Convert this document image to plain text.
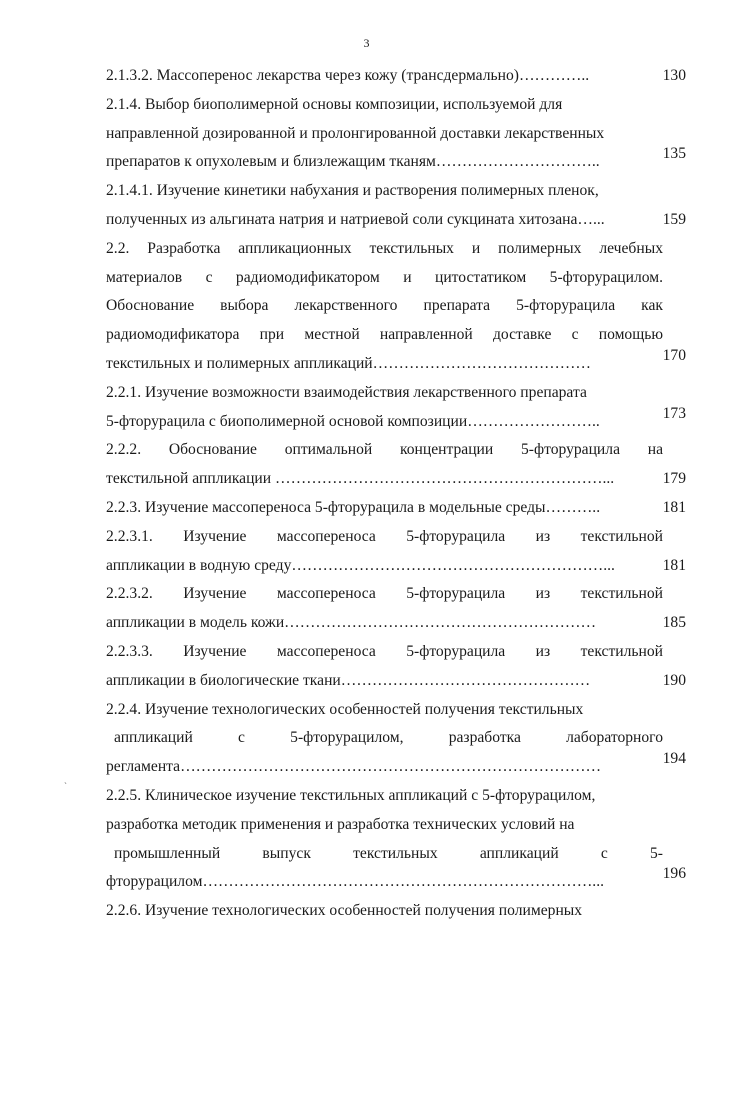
3
`
2.1.3.2. Массоперенос лекарства через кожу (трансдермально)…………..	130
2.1.4. Выбор биополимерной основы композиции, используемой для
направленной дозированной и пролонгированной доставки лекарственных
препаратов к опухолевым и близлежащим тканям…………………………..	135
2.1.4.1. Изучение кинетики набухания и растворения полимерных пленок,
полученных из альгината натрия и натриевой соли сукцината хитозана…...	159
2.2. Разработка аппликационных текстильных и полимерных лечебных
материалов с радиомодификатором и цитостатиком 5-фторурацилом.
Обоснование выбора лекарственного препарата 5-фторурацила как
радиомодификатора при местной направленной доставке с помощью
текстильных и полимерных аппликаций……………………………………	170
2.2.1. Изучение возможности взаимодействия лекарственного препарата
5-фторурацила с биополимерной основой композиции……………………..	173
2.2.2. Обоснование оптимальной концентрации 5-фторурацила на
текстильной аппликации ………………………………………………………...	179
2.2.3. Изучение массопереноса 5-фторурацила в модельные среды………..	181
2.2.3.1. Изучение массопереноса 5-фторурацила из текстильной
аппликации в водную среду……………………………………………………...	181
2.2.3.2. Изучение массопереноса 5-фторурацила из текстильной
аппликации в модель кожи……………………………………………………	185
2.2.3.3. Изучение массопереноса 5-фторурацила из текстильной
аппликации в биологические ткани…………………………………………	190
2.2.4. Изучение технологических особенностей получения текстильных
аппликаций с 5-фторурацилом, разработка лабораторного
регламента………………………………………………………………………	194
2.2.5. Клиническое изучение текстильных аппликаций с 5-фторурацилом,
разработка методик применения и разработка технических условий на
промышленный выпуск текстильных аппликаций с 5-
фторурацилом…………………………………………………………………...	196
2.2.6. Изучение технологических особенностей получения полимерных
